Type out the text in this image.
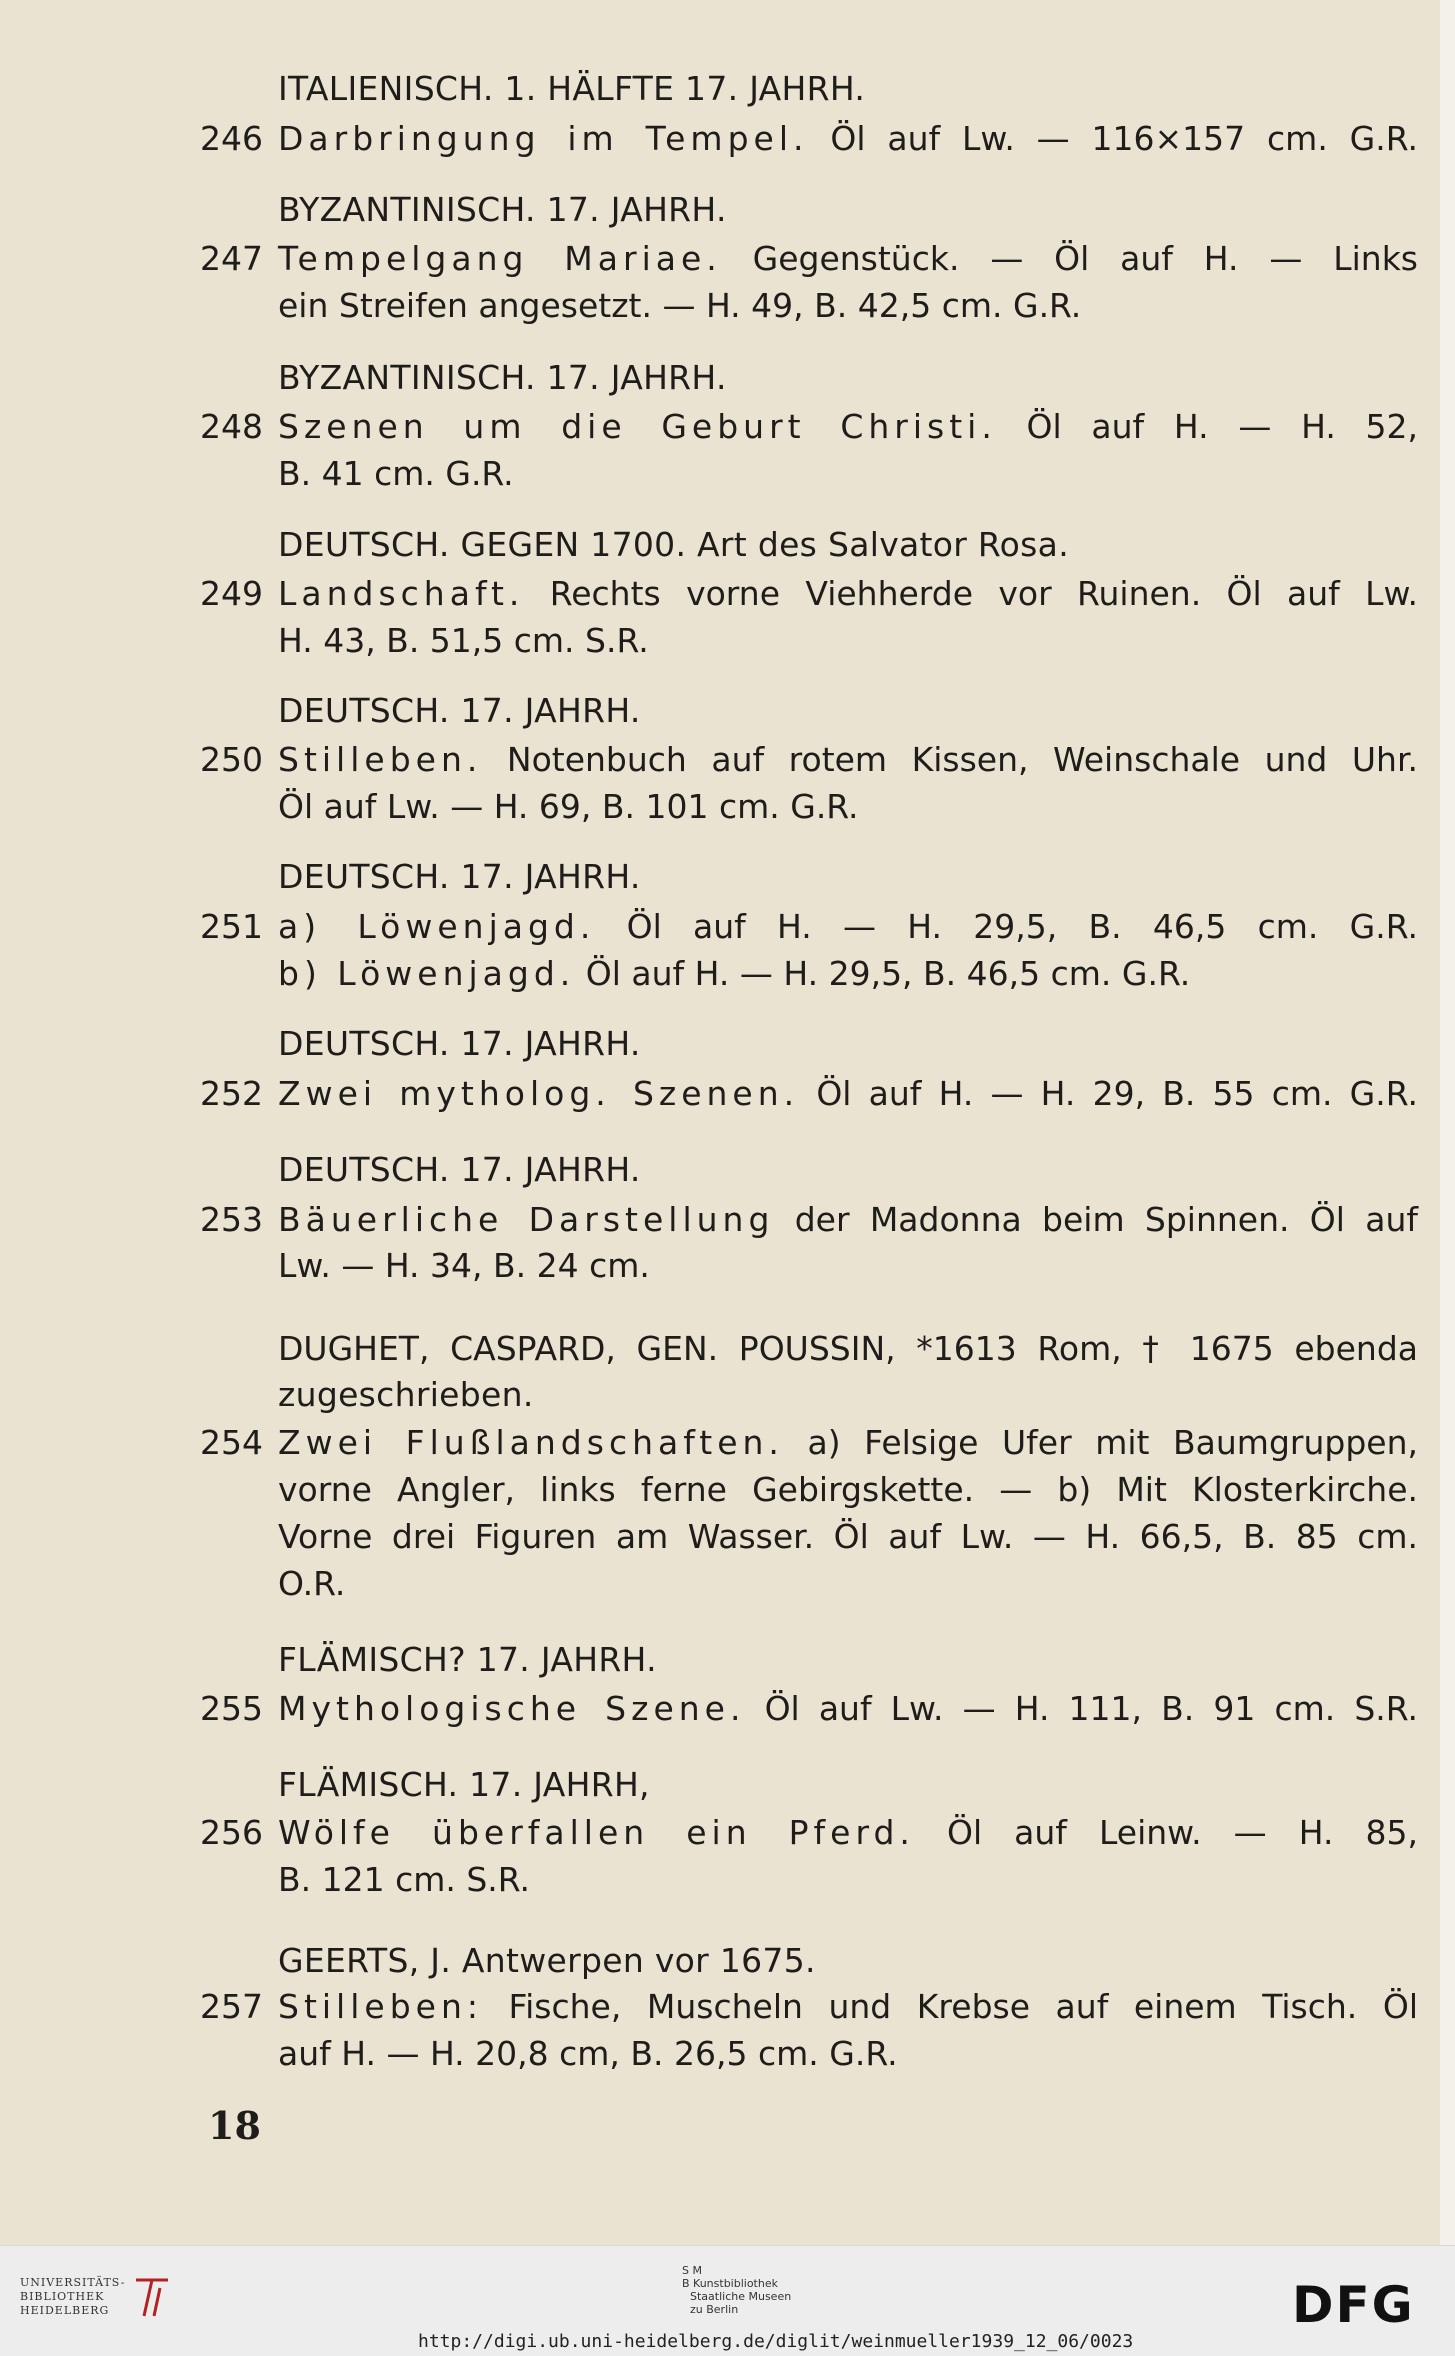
ITALIENISCH. 1. HÄLFTE 17. JAHRH.
246 Darbringung im Tempel. Öl auf Lw. — 116×157 cm. G.R.
BYZANTINISCH. 17. JAHRH.
247 Tempelgang Mariae. Gegenstück. — Öl auf H. — Links
ein Streifen angesetzt. — H. 49, B. 42,5 cm. G.R.
BYZANTINISCH. 17. JAHRH.
248 Szenen um die Geburt Christi. Öl auf H. — H. 52,
B. 41 cm. G.R.
DEUTSCH. GEGEN 1700. Art des Salvator Rosa.
249 Landschaft. Rechts vorne Viehherde vor Ruinen. Öl auf Lw.
H. 43, B. 51,5 cm. S.R.
DEUTSCH. 17. JAHRH.
250 Stilleben. Notenbuch auf rotem Kissen, Weinschale und Uhr.
Öl auf Lw. — H. 69, B. 101 cm. G.R.
DEUTSCH. 17. JAHRH.
251 a) Löwenjagd. Öl auf H. — H. 29,5, B. 46,5 cm. G.R.
b) Löwenjagd. Öl auf H. — H. 29,5, B. 46,5 cm. G.R.
DEUTSCH. 17. JAHRH.
252 Zwei mytholog. Szenen. Öl auf H. — H. 29, B. 55 cm. G.R.
DEUTSCH. 17. JAHRH.
253 Bäuerliche Darstellung der Madonna beim Spinnen. Öl auf
Lw. — H. 34, B. 24 cm.
DUGHET, CASPARD, GEN. POUSSIN, *1613 Rom, † 1675 ebenda
zugeschrieben.
254 Zwei Flußlandschaften. a) Felsige Ufer mit Baumgruppen,
vorne Angler, links ferne Gebirgskette. — b) Mit Klosterkirche.
Vorne drei Figuren am Wasser. Öl auf Lw. — H. 66,5, B. 85 cm.
O.R.
FLÄMISCH? 17. JAHRH.
255 Mythologische Szene. Öl auf Lw. — H. 111, B. 91 cm. S.R.
FLÄMISCH. 17. JAHRH,
256 Wölfe überfallen ein Pferd. Öl auf Leinw. — H. 85,
B. 121 cm. S.R.
GEERTS, J. Antwerpen vor 1675.
257 Stilleben: Fische, Muscheln und Krebse auf einem Tisch. Öl
auf H. — H. 20,8 cm, B. 26,5 cm. G.R.
18
UNIVERSITÄTS-
BIBLIOTHEK
HEIDELBERG
S M
B Kunstbibliothek
Staatliche Museen
zu Berlin	DFG
http://digi.ub.uni-heidelberg.de/diglit/weinmueller1939_12_06/0023
